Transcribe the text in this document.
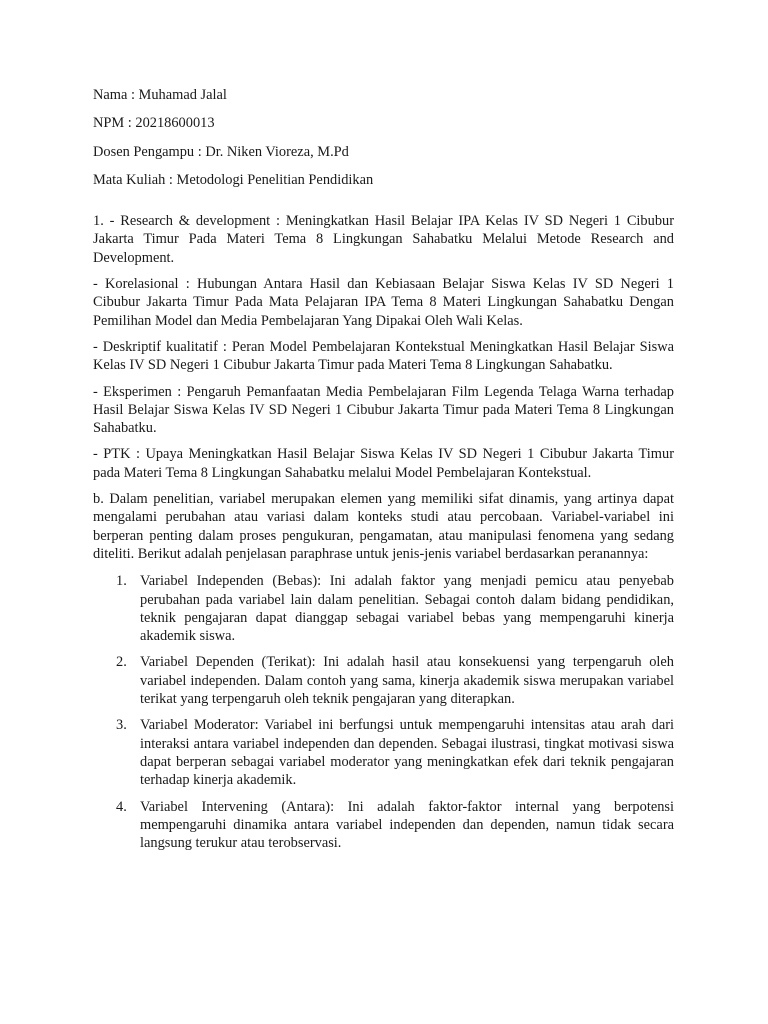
Nama : Muhamad Jalal
NPM : 20218600013
Dosen Pengampu : Dr. Niken Vioreza, M.Pd
Mata Kuliah : Metodologi Penelitian Pendidikan

1. - Research & development : Meningkatkan Hasil Belajar IPA Kelas IV SD Negeri 1 Cibubur Jakarta Timur Pada Materi Tema 8 Lingkungan Sahabatku Melalui Metode Research and Development.

- Korelasional : Hubungan Antara Hasil dan Kebiasaan Belajar Siswa Kelas IV SD Negeri 1 Cibubur Jakarta Timur Pada Mata Pelajaran IPA Tema 8 Materi Lingkungan Sahabatku Dengan Pemilihan Model dan Media Pembelajaran Yang Dipakai Oleh Wali Kelas.

- Deskriptif kualitatif : Peran Model Pembelajaran Kontekstual Meningkatkan Hasil Belajar Siswa Kelas IV SD Negeri 1 Cibubur Jakarta Timur pada Materi Tema 8 Lingkungan Sahabatku.

- Eksperimen : Pengaruh Pemanfaatan Media Pembelajaran Film Legenda Telaga Warna terhadap Hasil Belajar Siswa Kelas IV SD Negeri 1 Cibubur Jakarta Timur pada Materi Tema 8 Lingkungan Sahabatku.

- PTK : Upaya Meningkatkan Hasil Belajar Siswa Kelas IV SD Negeri 1 Cibubur Jakarta Timur pada Materi Tema 8 Lingkungan Sahabatku melalui Model Pembelajaran Kontekstual.

b. Dalam penelitian, variabel merupakan elemen yang memiliki sifat dinamis, yang artinya dapat mengalami perubahan atau variasi dalam konteks studi atau percobaan. Variabel-variabel ini berperan penting dalam proses pengukuran, pengamatan, atau manipulasi fenomena yang sedang diteliti. Berikut adalah penjelasan paraphrase untuk jenis-jenis variabel berdasarkan peranannya:

1. Variabel Independen (Bebas): Ini adalah faktor yang menjadi pemicu atau penyebab perubahan pada variabel lain dalam penelitian. Sebagai contoh dalam bidang pendidikan, teknik pengajaran dapat dianggap sebagai variabel bebas yang mempengaruhi kinerja akademik siswa.
2. Variabel Dependen (Terikat): Ini adalah hasil atau konsekuensi yang terpengaruh oleh variabel independen. Dalam contoh yang sama, kinerja akademik siswa merupakan variabel terikat yang terpengaruh oleh teknik pengajaran yang diterapkan.
3. Variabel Moderator: Variabel ini berfungsi untuk mempengaruhi intensitas atau arah dari interaksi antara variabel independen dan dependen. Sebagai ilustrasi, tingkat motivasi siswa dapat berperan sebagai variabel moderator yang meningkatkan efek dari teknik pengajaran terhadap kinerja akademik.
4. Variabel Intervening (Antara): Ini adalah faktor-faktor internal yang berpotensi mempengaruhi dinamika antara variabel independen dan dependen, namun tidak secara langsung terukur atau terobservasi.
